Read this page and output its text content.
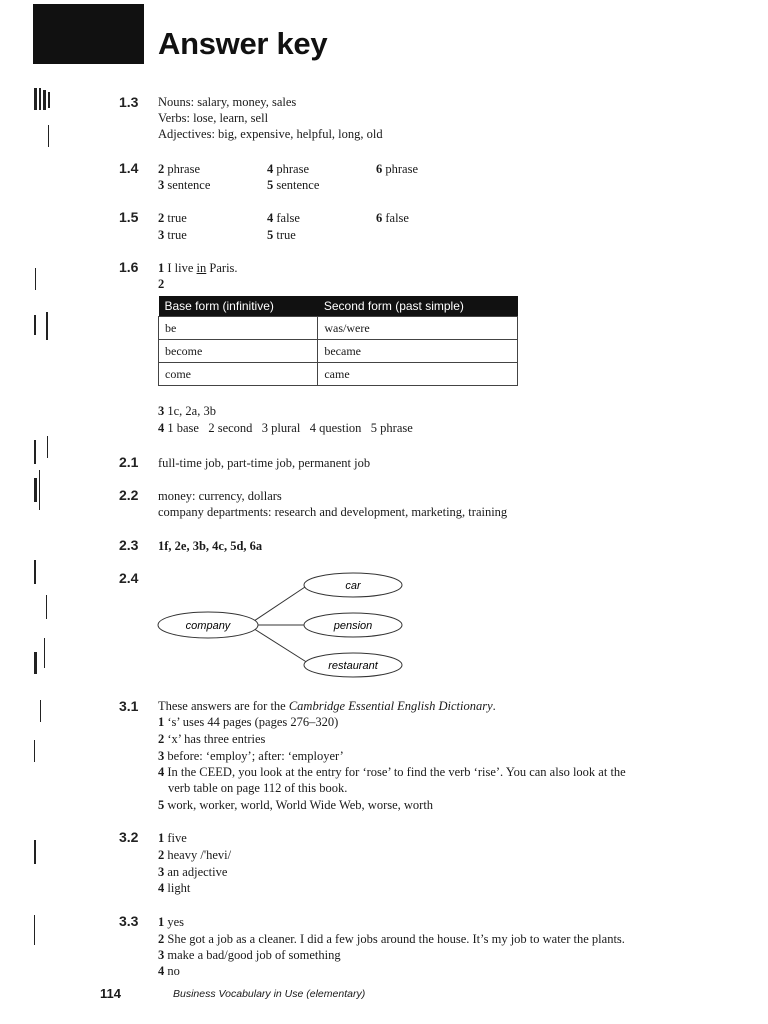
Answer key
1.3 Nouns: salary, money, sales
Verbs: lose, learn, sell
Adjectives: big, expensive, helpful, long, old
1.4 2 phrase
3 sentence
4 phrase
5 sentence
6 phrase
1.5 2 true
3 true
4 false
5 true
6 false
1.6 1 I live in Paris.
2
Base form (infinitive)	Second form (past simple)
be	was/were
become	became
come	came
3 1c, 2a, 3b
4 1 base   2 second   3 plural   4 question   5 phrase
2.1 full-time job, part-time job, permanent job
2.2 money: currency, dollars
company departments: research and development, marketing, training
2.3 1f, 2e, 3b, 4c, 5d, 6a
2.4
company
car
pension
restaurant
3.1 These answers are for the Cambridge Essential English Dictionary.
1 ‘s’ uses 44 pages (pages 276–320)
2 ‘x’ has three entries
3 before: ‘employ’; after: ‘employer’
4 In the CEED, you look at the entry for ‘rose’ to find the verb ‘rise’. You can also look at the
verb table on page 112 of this book.
5 work, worker, world, World Wide Web, worse, worth
3.2 1 five
2 heavy /'hevi/
3 an adjective
4 light
3.3 1 yes
2 She got a job as a cleaner. I did a few jobs around the house. It’s my job to water the plants.
3 make a bad/good job of something
4 no
114	Business Vocabulary in Use (elementary)
